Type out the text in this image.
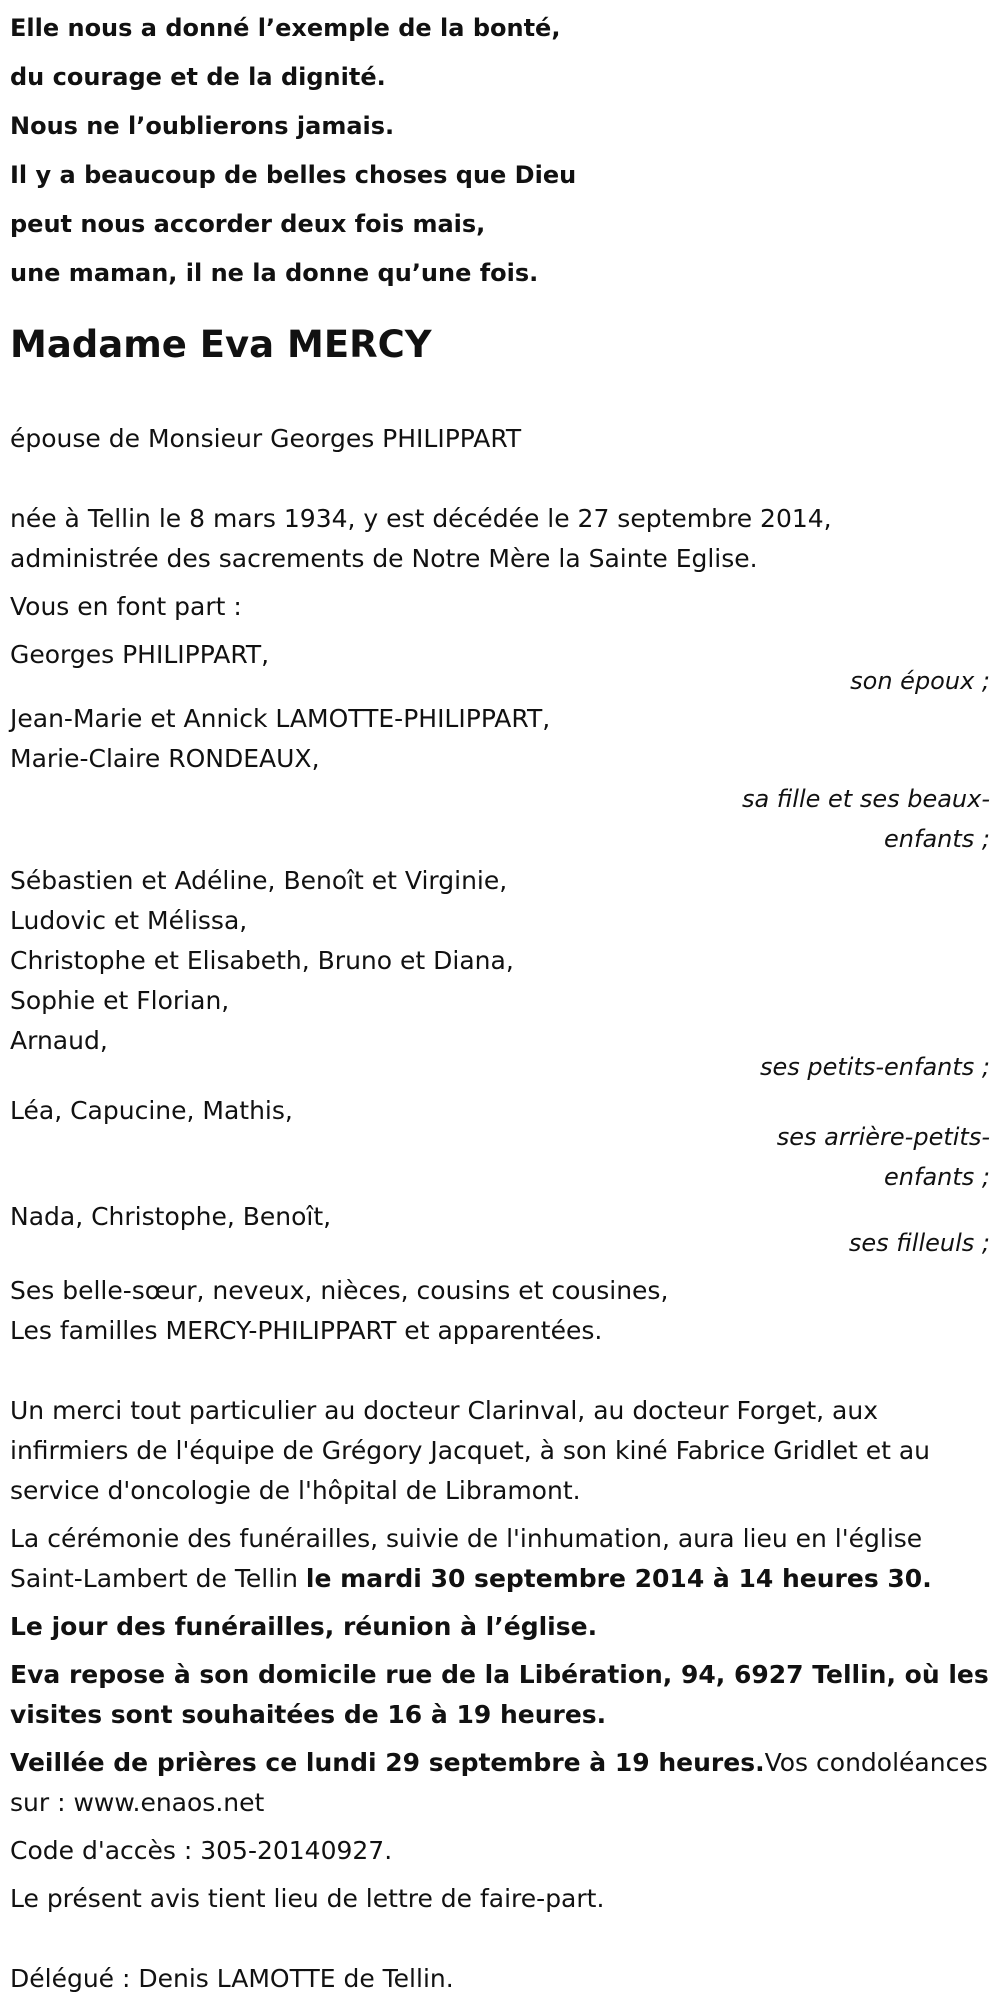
Elle nous a donné l’exemple de la bonté,
du courage et de la dignité.
Nous ne l’oublierons jamais.
Il y a beaucoup de belles choses que Dieu
peut nous accorder deux fois mais,
une maman, il ne la donne qu’une fois.
Madame Eva MERCY
épouse de Monsieur Georges PHILIPPART
née à Tellin le 8 mars 1934, y est décédée le 27 septembre 2014,
administrée des sacrements de Notre Mère la Sainte Eglise.
Vous en font part :
Georges PHILIPPART,
son époux ;
Jean-Marie et Annick LAMOTTE-PHILIPPART,
Marie-Claire RONDEAUX,
sa fille et ses beaux-
enfants ;
Sébastien et Adéline, Benoît et Virginie,
Ludovic et Mélissa,
Christophe et Elisabeth, Bruno et Diana,
Sophie et Florian,
Arnaud,
ses petits-enfants ;
Léa, Capucine, Mathis,
ses arrière-petits-
enfants ;
Nada, Christophe, Benoît,
ses filleuls ;
Ses belle-sœur, neveux, nièces, cousins et cousines,
Les familles MERCY-PHILIPPART et apparentées.
Un merci tout particulier au docteur Clarinval, au docteur Forget, aux
infirmiers de l'équipe de Grégory Jacquet, à son kiné Fabrice Gridlet et au
service d'oncologie de l'hôpital de Libramont.
La cérémonie des funérailles, suivie de l'inhumation, aura lieu en l'église
Saint-Lambert de Tellin le mardi 30 septembre 2014 à 14 heures 30.
Le jour des funérailles, réunion à l’église.
Eva repose à son domicile rue de la Libération, 94, 6927 Tellin, où les
visites sont souhaitées de 16 à 19 heures.
Veillée de prières ce lundi 29 septembre à 19 heures.Vos condoléances
sur : www.enaos.net
Code d'accès : 305-20140927.
Le présent avis tient lieu de lettre de faire-part.
Délégué : Denis LAMOTTE de Tellin.
